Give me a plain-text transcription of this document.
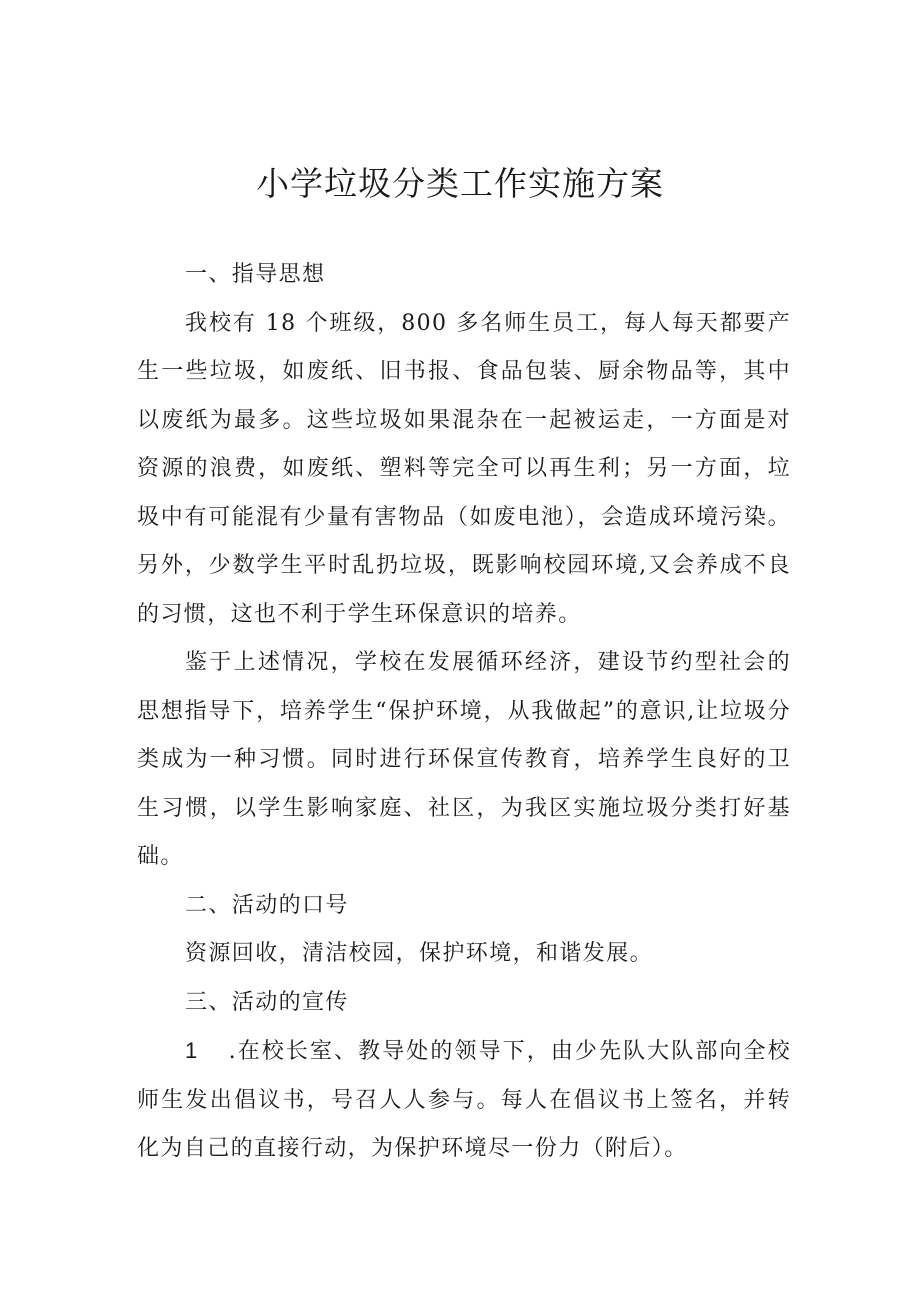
小学垃圾分类工作实施方案

一、指导思想

我校有 18 个班级，800 多名师生员工，每人每天都要产生一些垃圾，如废纸、旧书报、食品包装、厨余物品等，其中以废纸为最多。这些垃圾如果混杂在一起被运走，一方面是对资源的浪费，如废纸、塑料等完全可以再生利；另一方面，垃圾中有可能混有少量有害物品（如废电池），会造成环境污染。另外，少数学生平时乱扔垃圾，既影响校园环境,又会养成不良的习惯，这也不利于学生环保意识的培养。

鉴于上述情况，学校在发展循环经济，建设节约型社会的思想指导下，培养学生“保护环境，从我做起”的意识,让垃圾分类成为一种习惯。同时进行环保宣传教育，培养学生良好的卫生习惯，以学生影响家庭、社区，为我区实施垃圾分类打好基础。

二、活动的口号

资源回收，清洁校园，保护环境，和谐发展。

三、活动的宣传

1 .在校长室、教导处的领导下，由少先队大队部向全校师生发出倡议书，号召人人参与。每人在倡议书上签名，并转化为自己的直接行动，为保护环境尽一份力（附后）。
